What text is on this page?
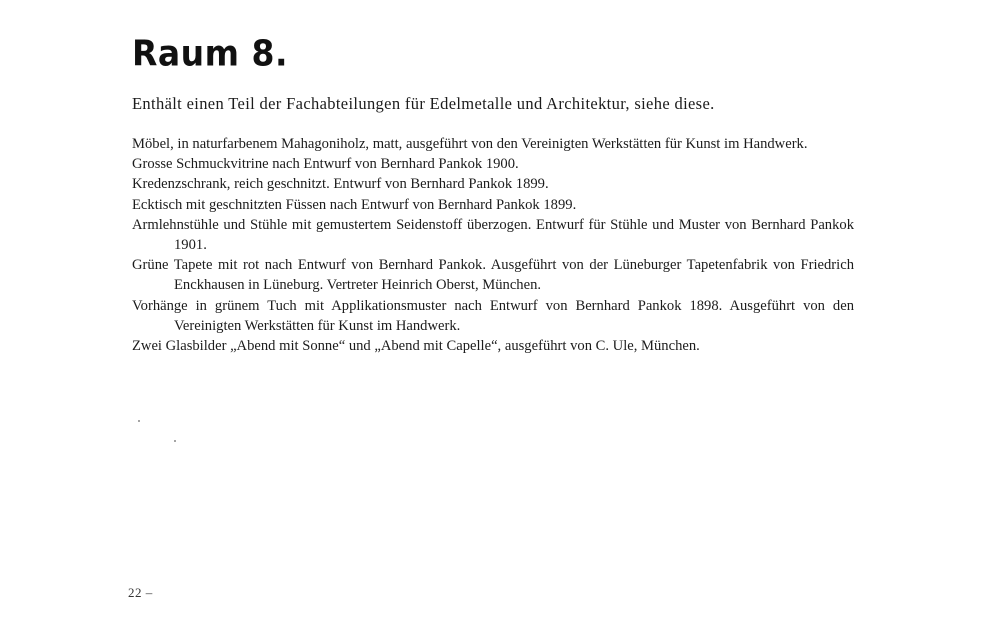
Raum 8.

Enthält einen Teil der Fachabteilungen für Edelmetalle und Architektur, siehe diese.

Möbel, in naturfarbenem Mahagoniholz, matt, ausgeführt von den Vereinigten Werkstätten für Kunst im Handwerk.
Grosse Schmuckvitrine nach Entwurf von Bernhard Pankok 1900.
Kredenzschrank, reich geschnitzt. Entwurf von Bernhard Pankok 1899.
Ecktisch mit geschnitzten Füssen nach Entwurf von Bernhard Pankok 1899.
Armlehnstühle und Stühle mit gemustertem Seidenstoff überzogen. Entwurf für Stühle und Muster von Bernhard Pankok 1901.
Grüne Tapete mit rot nach Entwurf von Bernhard Pankok. Ausgeführt von der Lüneburger Tapetenfabrik von Friedrich Enckhausen in Lüneburg. Vertreter Heinrich Oberst, München.
Vorhänge in grünem Tuch mit Applikationsmuster nach Entwurf von Bernhard Pankok 1898. Ausgeführt von den Vereinigten Werkstätten für Kunst im Handwerk.
Zwei Glasbilder „Abend mit Sonne“ und „Abend mit Capelle“, ausgeführt von C. Ule, München.
22 –
